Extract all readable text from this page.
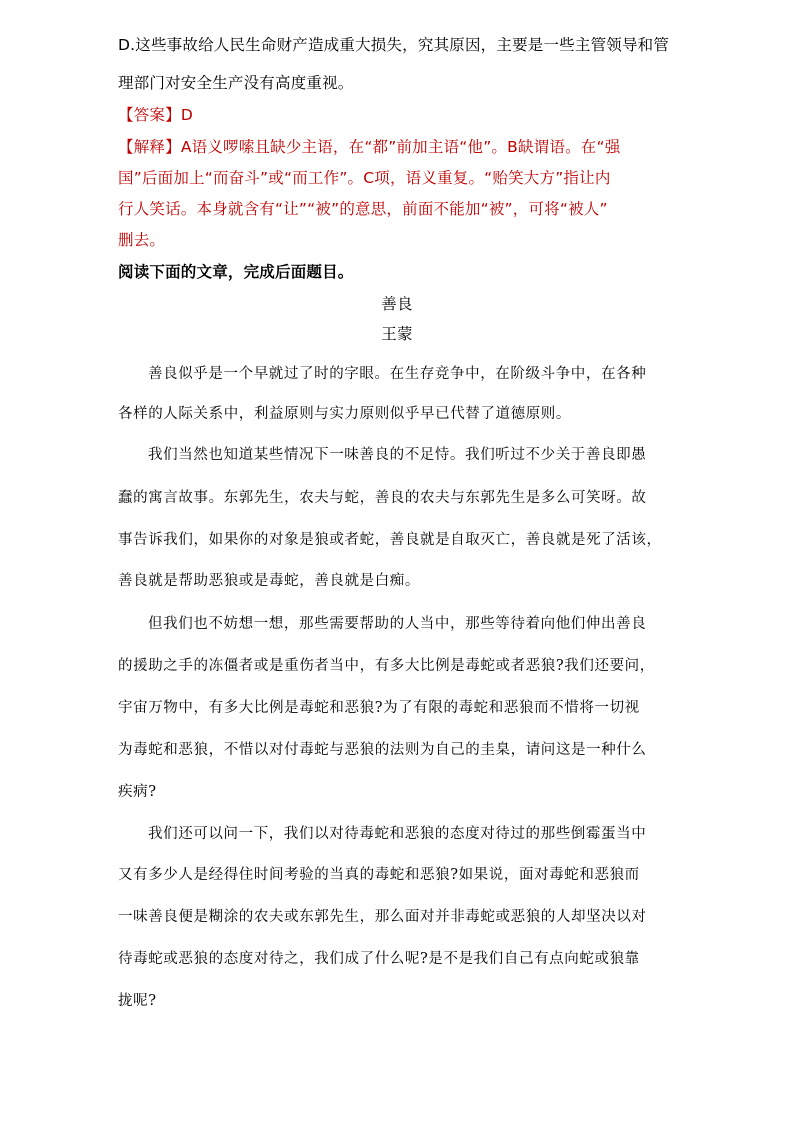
D.这些事故给人民生命财产造成重大损失，究其原因，主要是一些主管领导和管
理部门对安全生产没有高度重视。
【答案】D
【解释】A语义啰嗦且缺少主语，在“都”前加主语“他”。B缺谓语。在“强
国”后面加上“而奋斗”或“而工作”。C项，语义重复。“贻笑大方”指让内
行人笑话。本身就含有“让”“被”的意思，前面不能加“被”，可将“被人”
删去。
阅读下面的文章，完成后面题目。
善良
王蒙
善良似乎是一个早就过了时的字眼。在生存竞争中，在阶级斗争中，在各种
各样的人际关系中，利益原则与实力原则似乎早已代替了道德原则。
我们当然也知道某些情况下一味善良的不足恃。我们听过不少关于善良即愚
蠢的寓言故事。东郭先生，农夫与蛇，善良的农夫与东郭先生是多么可笑呀。故
事告诉我们，如果你的对象是狼或者蛇，善良就是自取灭亡，善良就是死了活该，
善良就是帮助恶狼或是毒蛇，善良就是白痴。
但我们也不妨想一想，那些需要帮助的人当中，那些等待着向他们伸出善良
的援助之手的冻僵者或是重伤者当中，有多大比例是毒蛇或者恶狼?我们还要问，
宇宙万物中，有多大比例是毒蛇和恶狼?为了有限的毒蛇和恶狼而不惜将一切视
为毒蛇和恶狼，不惜以对付毒蛇与恶狼的法则为自己的圭臬，请问这是一种什么
疾病?
我们还可以问一下，我们以对待毒蛇和恶狼的态度对待过的那些倒霉蛋当中
又有多少人是经得住时间考验的当真的毒蛇和恶狼?如果说，面对毒蛇和恶狼而
一味善良便是糊涂的农夫或东郭先生，那么面对并非毒蛇或恶狼的人却坚决以对
待毒蛇或恶狼的态度对待之，我们成了什么呢?是不是我们自己有点向蛇或狼靠
拢呢?
